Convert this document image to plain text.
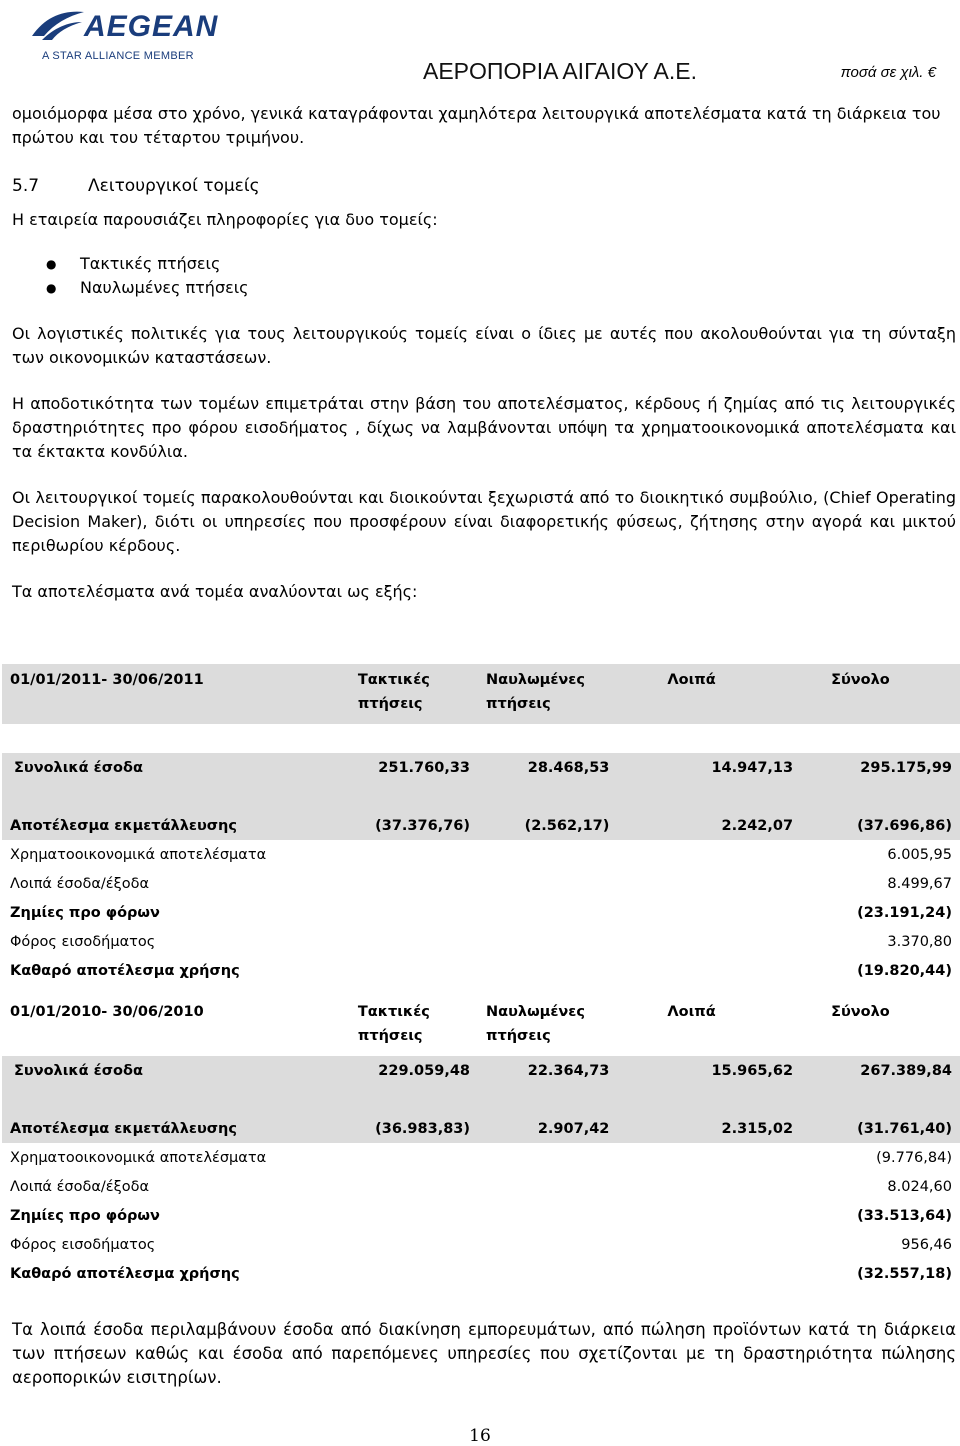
AEGEAN
A STAR ALLIANCE MEMBER
ΑΕΡΟΠΟΡΙΑ ΑΙΓΑΙΟΥ Α.Ε.	ποσά σε χιλ. €
ομοιόμορφα μέσα στο χρόνο, γενικά καταγράφονται χαμηλότερα λειτουργικά αποτελέσματα κατά τη διάρκεια του πρώτου και του τέταρτου τριμήνου.
5.7	Λειτουργικοί τομείς
Η εταιρεία παρουσιάζει πληροφορίες για δυο τομείς:
●	Τακτικές πτήσεις
●	Ναυλωμένες πτήσεις
Οι λογιστικές πολιτικές για τους λειτουργικούς τομείς είναι ο ίδιες με αυτές που ακολουθούνται για τη σύνταξη των οικονομικών καταστάσεων.
Η αποδοτικότητα των τομέων επιμετράται στην βάση του αποτελέσματος, κέρδους ή ζημίας από τις λειτουργικές δραστηριότητες προ φόρου εισοδήματος , δίχως να λαμβάνονται υπόψη τα χρηματοοικονομικά αποτελέσματα και τα έκτακτα κονδύλια.
Οι λειτουργικοί τομείς παρακολουθούνται και διοικούνται ξεχωριστά από το διοικητικό συμβούλιο, (Chief Operating Decision Maker), διότι οι υπηρεσίες που προσφέρουν είναι διαφορετικής φύσεως, ζήτησης στην αγορά και μικτού περιθωρίου κέρδους.
Τα αποτελέσματα ανά τομέα αναλύονται ως εξής:
01/01/2011- 30/06/2011	Τακτικές πτήσεις	Ναυλωμένες πτήσεις	Λοιπά	Σύνολο

Συνολικά έσοδα	251.760,33	28.468,53	14.947,13	295.175,99

Αποτέλεσμα εκμετάλλευσης	(37.376,76)	(2.562,17)	2.242,07	(37.696,86)
Χρηματοοικονομικά αποτελέσματα				6.005,95
Λοιπά έσοδα/έξοδα				8.499,67
Ζημίες προ φόρων				(23.191,24)
Φόρος εισοδήματος				3.370,80
Καθαρό αποτέλεσμα χρήσης				(19.820,44)
01/01/2010- 30/06/2010	Τακτικές πτήσεις	Ναυλωμένες πτήσεις	Λοιπά	Σύνολο
Συνολικά έσοδα	229.059,48	22.364,73	15.965,62	267.389,84

Αποτέλεσμα εκμετάλλευσης	(36.983,83)	2.907,42	2.315,02	(31.761,40)
Χρηματοοικονομικά αποτελέσματα				(9.776,84)
Λοιπά έσοδα/έξοδα				8.024,60
Ζημίες προ φόρων				(33.513,64)
Φόρος εισοδήματος				956,46
Καθαρό αποτέλεσμα χρήσης				(32.557,18)
Τα λοιπά έσοδα περιλαμβάνουν έσοδα από διακίνηση εμπορευμάτων, από πώληση προϊόντων κατά τη διάρκεια των πτήσεων καθώς και έσοδα από παρεπόμενες υπηρεσίες που σχετίζονται με τη δραστηριότητα πώλησης αεροπορικών εισιτηρίων.
16
